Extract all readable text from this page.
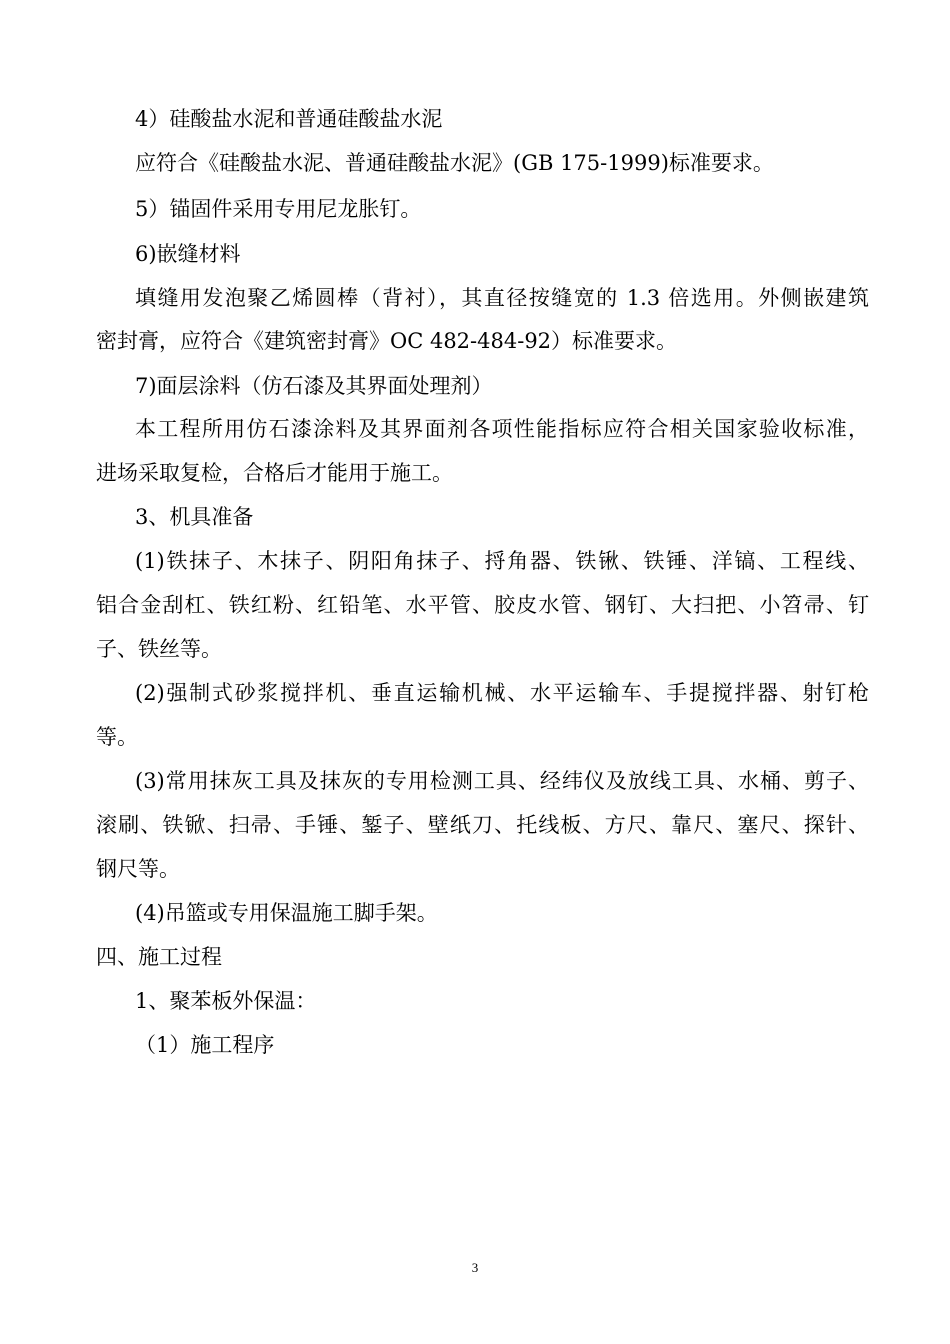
4）硅酸盐水泥和普通硅酸盐水泥
应符合《硅酸盐水泥、普通硅酸盐水泥》(GB 175-1999)标准要求。
5）锚固件采用专用尼龙胀钉。
6)嵌缝材料
填缝用发泡聚乙烯圆棒（背衬），其直径按缝宽的 1.3 倍选用。外侧嵌建筑
密封膏，应符合《建筑密封膏》OC 482-484-92）标准要求。
7)面层涂料（仿石漆及其界面处理剂）
本工程所用仿石漆涂料及其界面剂各项性能指标应符合相关国家验收标准，
进场采取复检，合格后才能用于施工。
3、机具准备
(1)铁抹子、木抹子、阴阳角抹子、捋角器、铁锹、铁锤、洋镐、工程线、
铝合金刮杠、铁红粉、红铅笔、水平管、胶皮水管、钢钉、大扫把、小笤帚、钉
子、铁丝等。
(2)强制式砂浆搅拌机、垂直运输机械、水平运输车、手提搅拌器、射钉枪
等。
(3)常用抹灰工具及抹灰的专用检测工具、经纬仪及放线工具、水桶、剪子、
滚刷、铁锨、扫帚、手锤、錾子、壁纸刀、托线板、方尺、靠尺、塞尺、探针、
钢尺等。
(4)吊篮或专用保温施工脚手架。
四、施工过程
1、聚苯板外保温：
（1）施工程序
3
